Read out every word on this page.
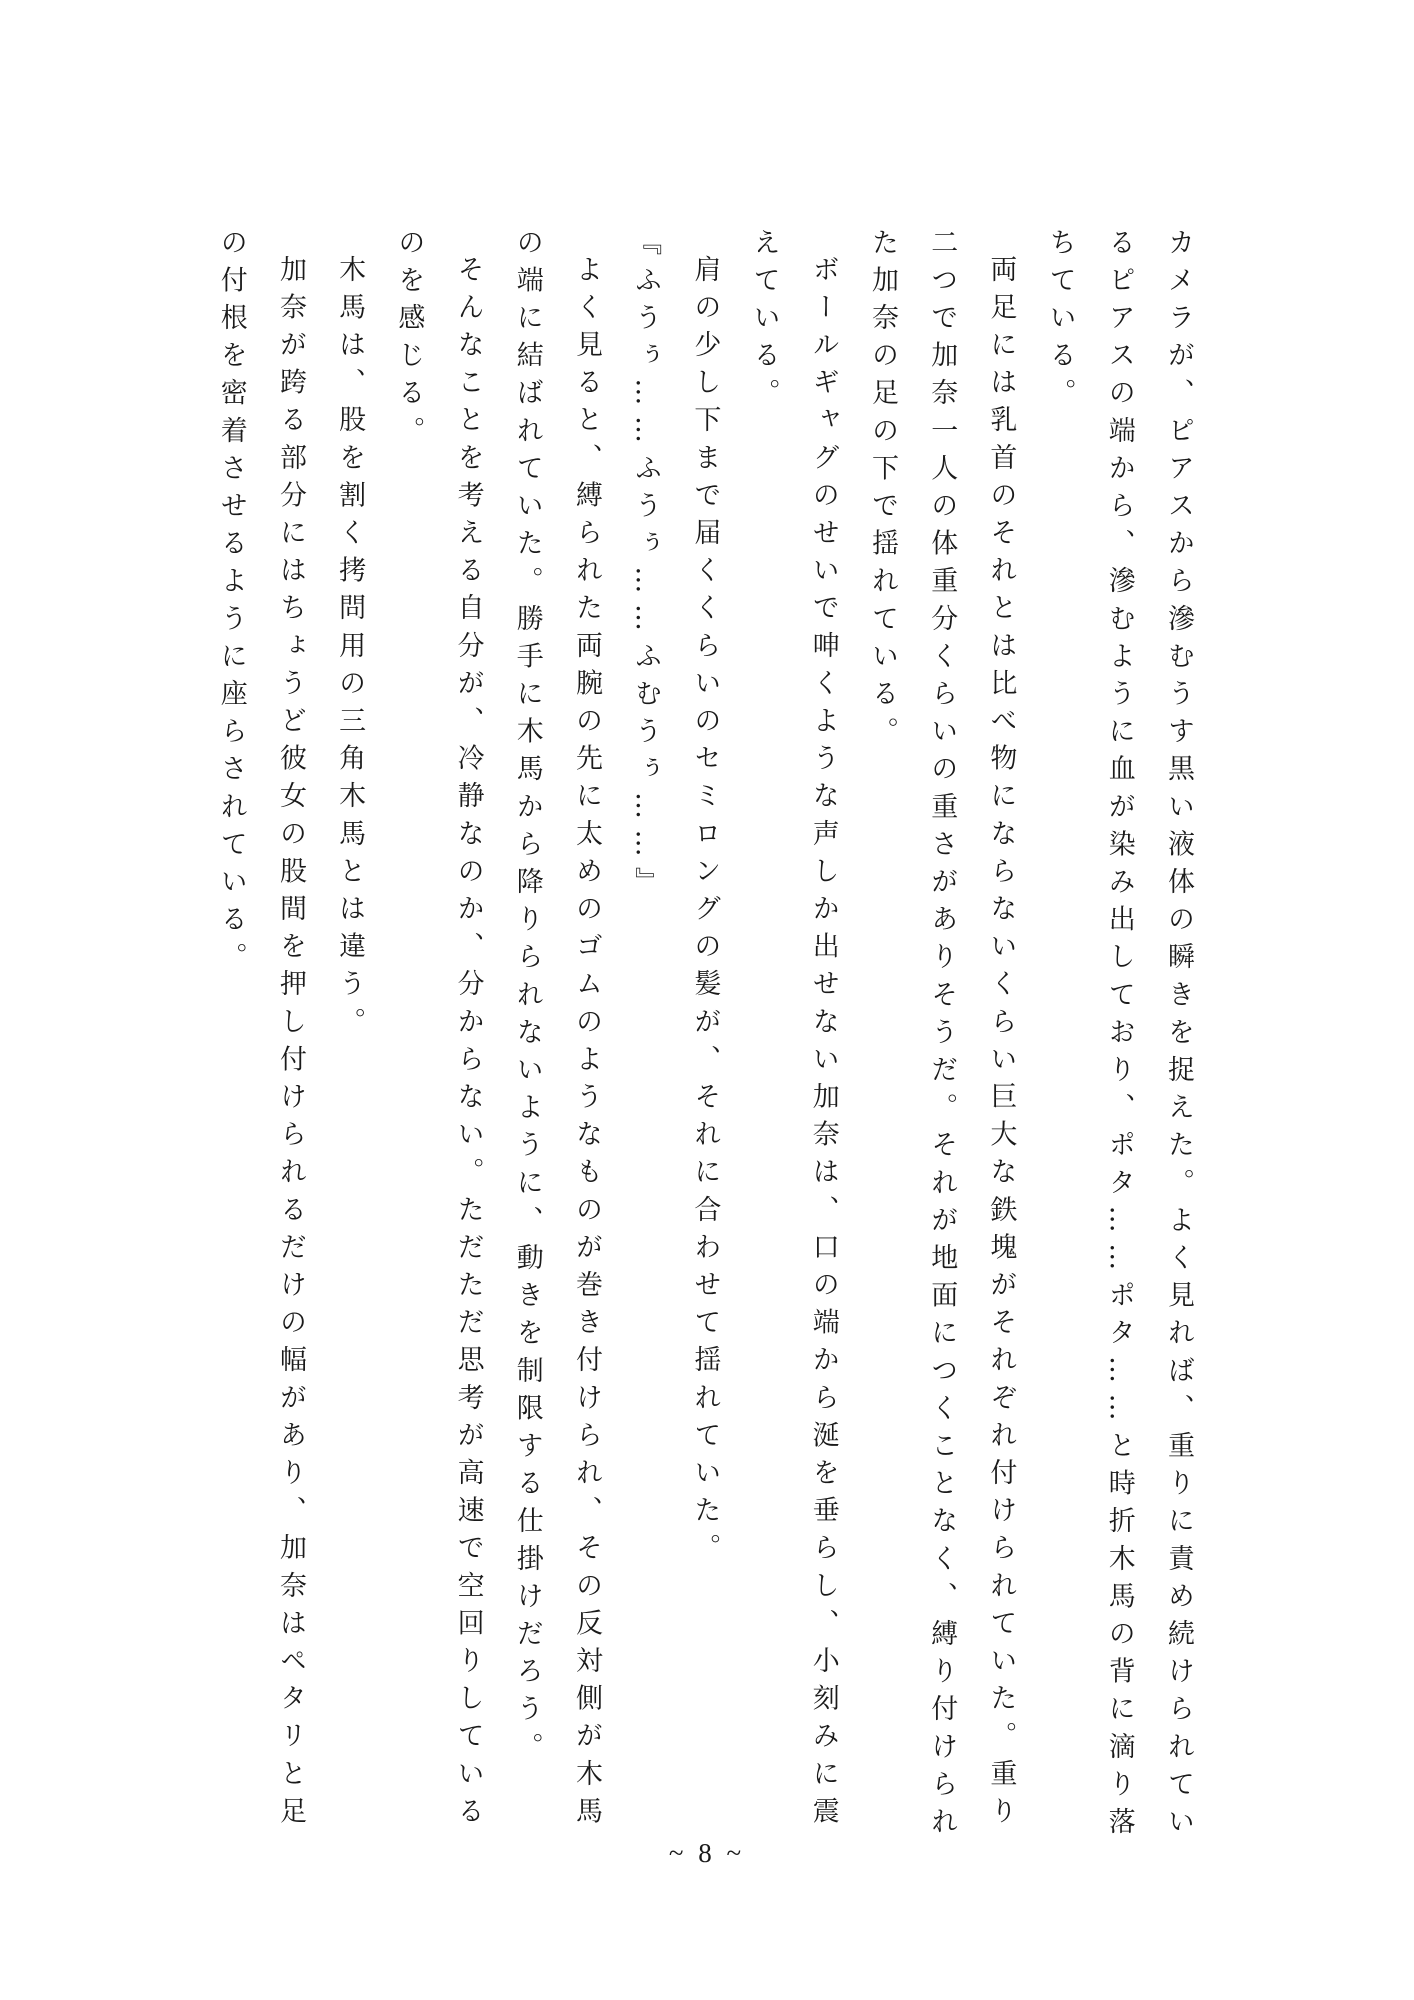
カメラが、ピアスから滲むうす黒い液体の瞬きを捉えた。よく見れば、重りに責め続けられているピアスの端から、滲むように血が染み出しており、ポタ……ポタ……と時折木馬の背に滴り落ちている。

両足には乳首のそれとは比べ物にならないくらい巨大な鉄塊がそれぞれ付けられていた。重り二つで加奈一人の体重分くらいの重さがありそうだ。それが地面につくことなく、縛り付けられた加奈の足の下で揺れている。

ボールギャグのせいで呻くような声しか出せない加奈は、口の端から涎を垂らし、小刻みに震えている。

肩の少し下まで届くくらいのセミロングの髪が、それに合わせて揺れていた。

『ふうぅ……ふうぅ……ふむうぅ……』

よく見ると、縛られた両腕の先に太めのゴムのようなものが巻き付けられ、その反対側が木馬の端に結ばれていた。勝手に木馬から降りられないように、動きを制限する仕掛けだろう。

そんなことを考える自分が、冷静なのか、分からない。ただただ思考が高速で空回りしているのを感じる。

木馬は、股を割く拷問用の三角木馬とは違う。

加奈が跨る部分にはちょうど彼女の股間を押し付けられるだけの幅があり、加奈はペタリと足の付根を密着させるように座らされている。

~ 8 ~
